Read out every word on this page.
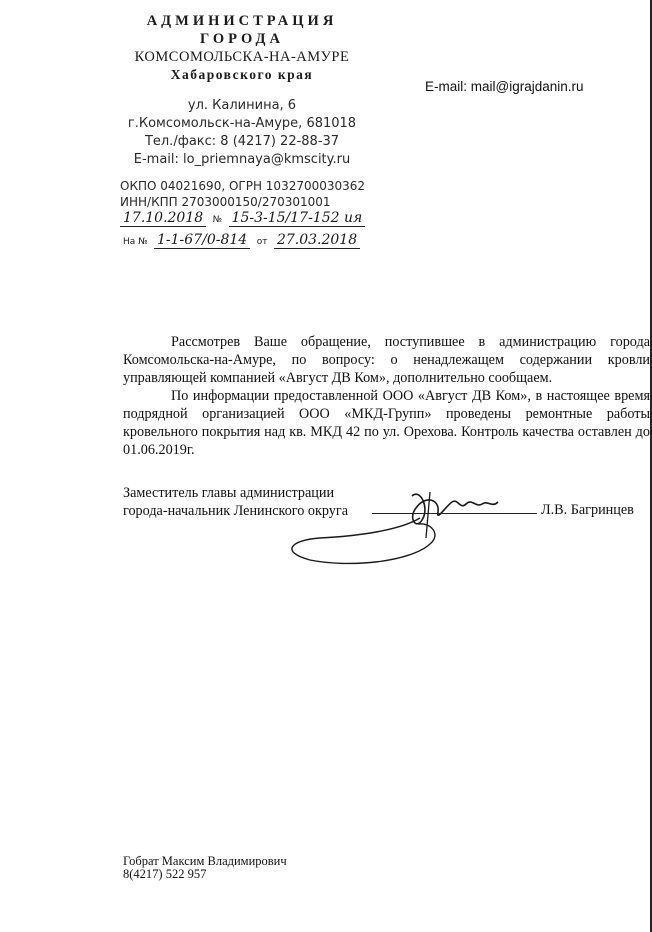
АДМИНИСТРАЦИЯ
ГОРОДА
КОМСОМОЛЬСКА-НА-АМУРЕ
Хабаровского края
ул. Калинина, 6
г.Комсомольск-на-Амуре, 681018
Тел./факс: 8 (4217) 22-88-37
E-mail: lo_priemnaya@kmscity.ru
ОКПО 04021690, ОГРН 1032700030362
ИНН/КПП 2703000150/270301001
E-mail: mail@igrajdanin.ru
17.10.2018 № 15-3-15/17-152 ия
На № 1-1-67/0-814 от 27.03.2018

Рассмотрев Ваше обращение, поступившее в администрацию города Комсомольска-на-Амуре, по вопросу: о ненадлежащем содержании кровли управляющей компанией «Август ДВ Ком», дополнительно сообщаем.

По информации предоставленной ООО «Август ДВ Ком», в настоящее время подрядной организацией ООО «МКД-Групп» проведены ремонтные работы кровельного покрытия над кв. МКД 42 по ул. Орехова. Контроль качества оставлен до 01.06.2019г.

Заместитель главы администрации
города-начальник Ленинского округа	Л.В. Багринцев
Гобрат Максим Владимирович
8(4217) 522 957
